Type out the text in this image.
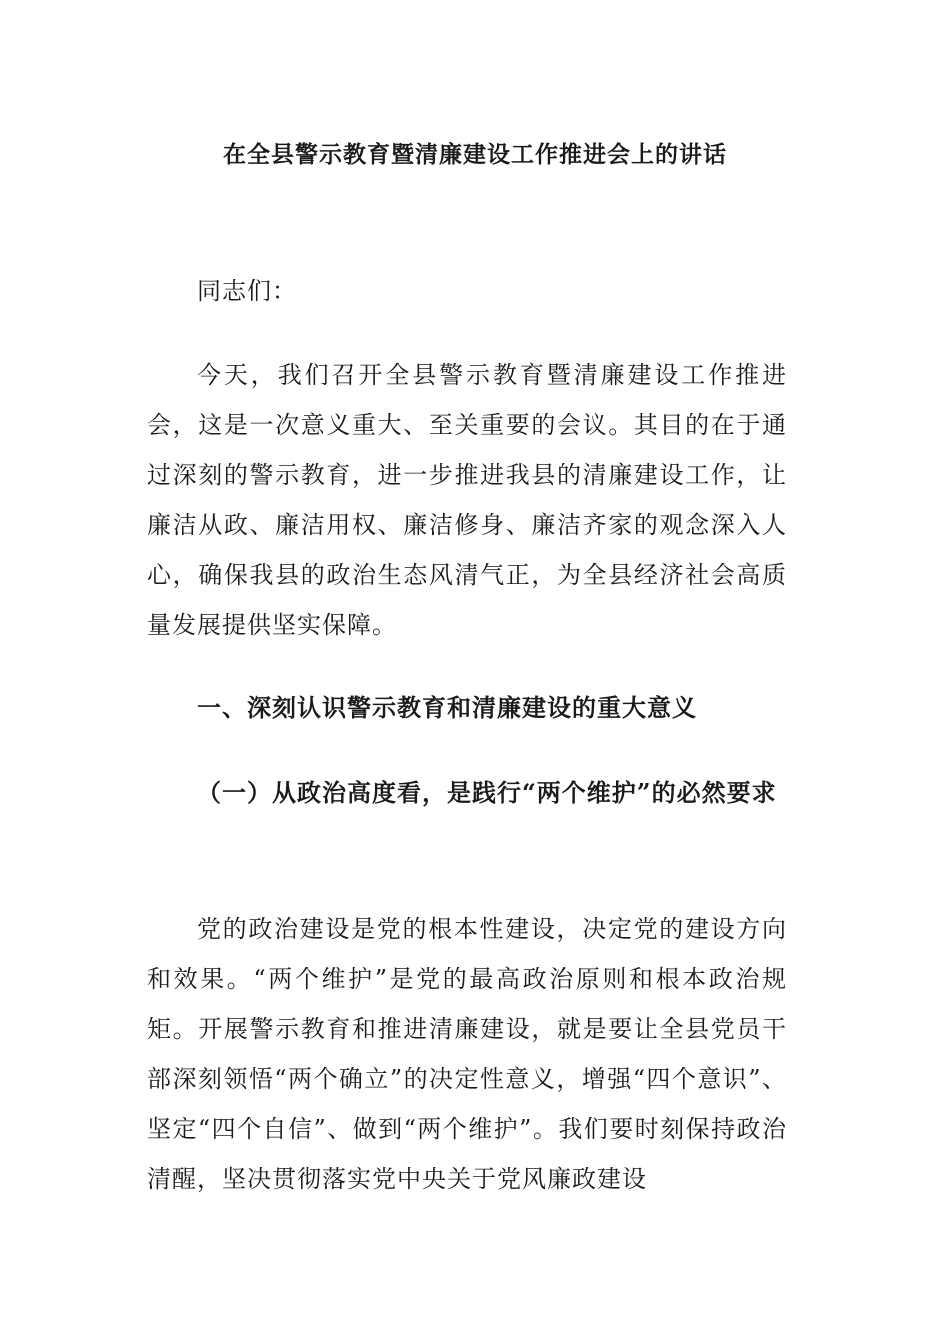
在全县警示教育暨清廉建设工作推进会上的讲话
同志们：

今天，我们召开全县警示教育暨清廉建设工作推进会，这是一次意义重大、至关重要的会议。其目的在于通过深刻的警示教育，进一步推进我县的清廉建设工作，让廉洁从政、廉洁用权、廉洁修身、廉洁齐家的观念深入人心，确保我县的政治生态风清气正，为全县经济社会高质量发展提供坚实保障。

一、深刻认识警示教育和清廉建设的重大意义
（一）从政治高度看，是践行“两个维护”的必然要求

党的政治建设是党的根本性建设，决定党的建设方向和效果。“两个维护”是党的最高政治原则和根本政治规矩。开展警示教育和推进清廉建设，就是要让全县党员干部深刻领悟“两个确立”的决定性意义，增强“四个意识”、坚定“四个自信”、做到“两个维护”。我们要时刻保持政治清醒，坚决贯彻落实党中央关于党风廉政建设
